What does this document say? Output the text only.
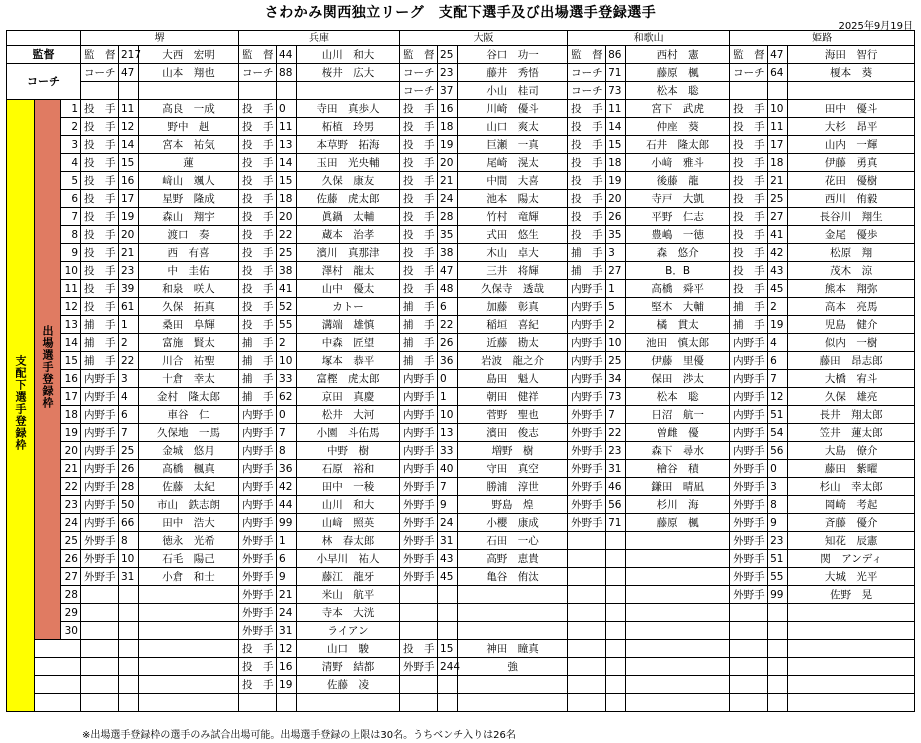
さわかみ関西独立リーグ　支配下選手及び出場選手登録選手
2025年9月19日
			堺			兵庫			大阪			和歌山			姫路		
監督			監　督	217	大西　宏明	監　督	44	山川　和大	監　督	25	谷口　功一	監　督	86	西村　憲	監　督	47	海田　智行
コーチ			コーチ	47	山本　翔也	コーチ	88	桜井　広大	コーチ	23	藤井　秀悟	コーチ	71	藤原　楓	コーチ	64	榎本　葵
									コーチ	37	小山　桂司	コーチ	73	松本　聡			
支配下選手登録枠	出場選手登録枠	1	投　手	11	高良　一成	投　手	0	寺田　真歩人	投　手	16	川崎　優斗	投　手	11	宮下　武虎	投　手	10	田中　優斗
		2	投　手	12	野中　赳	投　手	11	柘植　玲男	投　手	18	山口　爽太	投　手	14	仲座　葵	投　手	11	大杉　昂平
		3	投　手	14	宮本　祐気	投　手	13	本草野　拓海	投　手	19	巨瀬　一真	投　手	15	石井　隆太郎	投　手	17	山内　一輝
		4	投　手	15	蓮	投　手	14	玉田　光央輔	投　手	20	尾崎　滉太	投　手	18	小﨑　雅斗	投　手	18	伊藤　勇真
		5	投　手	16	﨑山　颯人	投　手	15	久保　康友	投　手	21	中間　大喜	投　手	19	後藤　龍	投　手	21	花田　優樹
		6	投　手	17	星野　隆成	投　手	18	佐藤　虎太郎	投　手	24	池本　陽太	投　手	20	寺戸　大凱	投　手	25	西川　侑毅
		7	投　手	19	森山　翔宇	投　手	20	眞鍋　太輔	投　手	28	竹村　竜輝	投　手	26	平野　仁志	投　手	27	長谷川　翔生
		8	投　手	20	渡口　奏	投　手	22	蔵本　治孝	投　手	35	式田　悠生	投　手	35	豊嶋　一徳	投　手	41	金尾　優歩
		9	投　手	21	西　有喜	投　手	25	濱川　真那津	投　手	38	木山　卓大	捕　手	3	森　悠介	投　手	42	松原　翔
		10	投　手	23	中　圭佑	投　手	38	澤村　龍太	投　手	47	三井　将輝	捕　手	27	B．B	投　手	43	茂木　涼
		11	投　手	39	和泉　咲人	投　手	41	山中　優太	投　手	48	久保寺　透哉	内野手	1	高橋　舜平	投　手	45	熊本　翔弥
		12	投　手	61	久保　拓真	投　手	52	カトー	捕　手	6	加藤　彰真	内野手	5	堅木　大輔	捕　手	2	高本　亮馬
		13	捕　手	1	桑田　阜輝	投　手	55	溝端　雄慎	捕　手	22	稲垣　喜紀	内野手	2	橘　貫太	捕　手	19	児島　健介
		14	捕　手	2	富施　賢太	捕　手	2	中森　匠望	捕　手	26	近藤　勘太	内野手	10	池田　慎太郎	内野手	4	似内　一樹
		15	捕　手	22	川合　祐聖	捕　手	10	塚本　恭平	捕　手	36	岩波　龍之介	内野手	25	伊藤　里優	内野手	6	藤田　昂志郎
		16	内野手	3	十倉　幸太	捕　手	33	富樫　虎太郎	内野手	0	島田　魁人	内野手	34	保田　渉太	内野手	7	大橋　宥斗
		17	内野手	4	金村　隆太郎	捕　手	62	京田　真慶	内野手	1	朝田　健祥	内野手	73	松本　聡	内野手	12	久保　雄亮
		18	内野手	6	車谷　仁	内野手	0	松井　大河	内野手	10	菅野　聖也	外野手	7	日沼　航一	内野手	51	長井　翔太郎
		19	内野手	7	久保地　一馬	内野手	7	小園　斗佑馬	内野手	13	濱田　俊志	外野手	22	曽雌　優	内野手	54	笠井　蓮太郎
		20	内野手	25	金城　悠月	内野手	8	中野　樹	内野手	33	増野　樹	外野手	23	森下　尋水	内野手	56	大島　僚介
		21	内野手	26	高橋　楓真	内野手	36	石原　裕和	内野手	40	守田　真空	外野手	31	檜谷　積	外野手	0	藤田　紫曜
		22	内野手	28	佐藤　太紀	内野手	42	田中　一稜	外野手	7	勝浦　淳世	外野手	46	鎌田　晴凪	外野手	3	杉山　幸太郎
		23	内野手	50	市山　鉄志朗	内野手	44	山川　和大	外野手	9	野島　煌	外野手	56	杉川　海	外野手	8	岡崎　考起
		24	内野手	66	田中　浩大	内野手	99	山﨑　照英	外野手	24	小櫻　康成	外野手	71	藤原　楓	外野手	9	斉藤　優介
		25	外野手	8	徳永　光希	外野手	1	林　春太郎	外野手	31	石田　一心				外野手	23	知花　辰憲
		26	外野手	10	石毛　陽己	外野手	6	小早川　祐人	外野手	43	高野　恵貴				外野手	51	関　アンディ
		27	外野手	31	小倉　和士	外野手	9	藤江　龍牙	外野手	45	亀谷　侑汰				外野手	55	大城　光平
		28				外野手	21	米山　航平							外野手	99	佐野　晃
		29				外野手	24	寺本　大洸									
		30				外野手	31	ライアン									
						投　手	12	山口　駿	投　手	15	神田　瞳真						
						投　手	16	清野　結都	外野手	244	強						
						投　手	19	佐藤　凌									

※出場選手登録枠の選手のみ試合出場可能。出場選手登録の上限は30名。うちベンチ入りは26名
